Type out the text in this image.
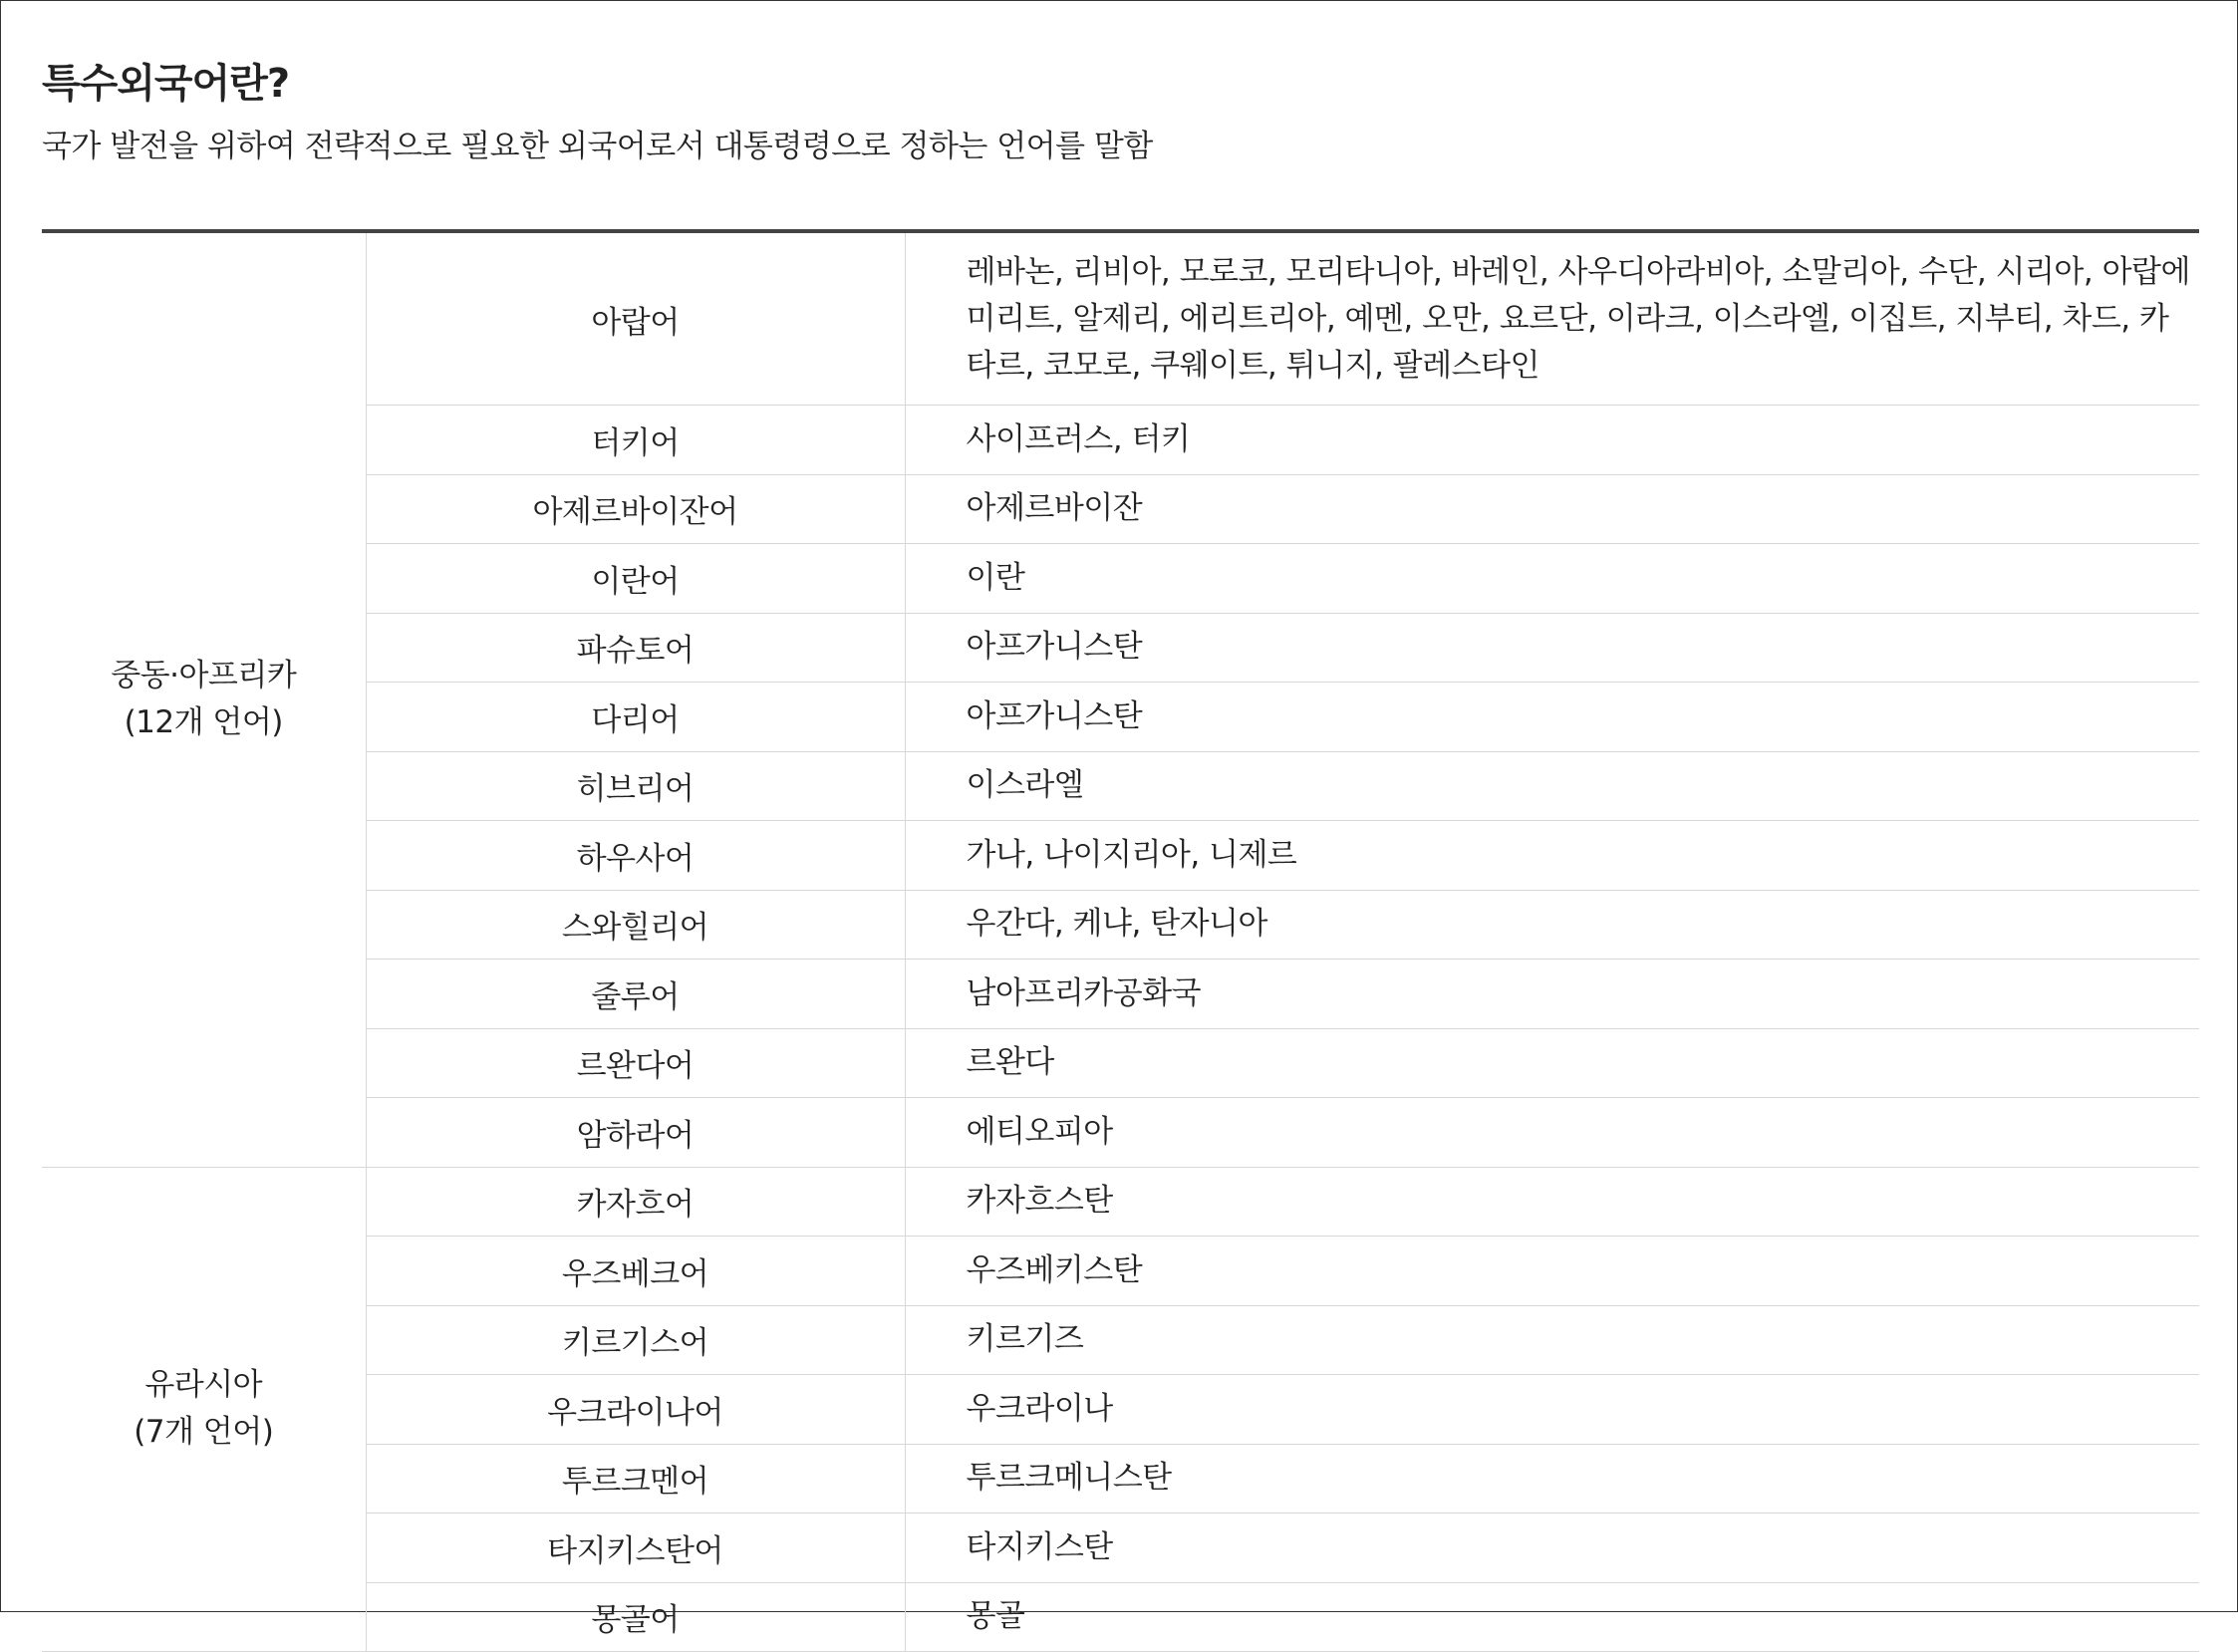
특수외국어란?
국가 발전을 위하여 전략적으로 필요한 외국어로서 대통령령으로 정하는 언어를 말함
중동·아프리카
(12개 언어)	아랍어	레바논, 리비아, 모로코, 모리타니아, 바레인, 사우디아라비아, 소말리아, 수단, 시리아, 아랍에미리트, 알제리, 에리트리아, 예멘, 오만, 요르단, 이라크, 이스라엘, 이집트, 지부티, 차드, 카타르, 코모로, 쿠웨이트, 튀니지, 팔레스타인
	터키어	사이프러스, 터키
	아제르바이잔어	아제르바이잔
	이란어	이란
	파슈토어	아프가니스탄
	다리어	아프가니스탄
	히브리어	이스라엘
	하우사어	가나, 나이지리아, 니제르
	스와힐리어	우간다, 케냐, 탄자니아
	줄루어	남아프리카공화국
	르완다어	르완다
	암하라어	에티오피아

유라시아
(7개 언어)	카자흐어	카자흐스탄
	우즈베크어	우즈베키스탄
	키르기스어	키르기즈
	우크라이나어	우크라이나
	투르크멘어	투르크메니스탄
	타지키스탄어	타지키스탄
	몽골어	몽골
